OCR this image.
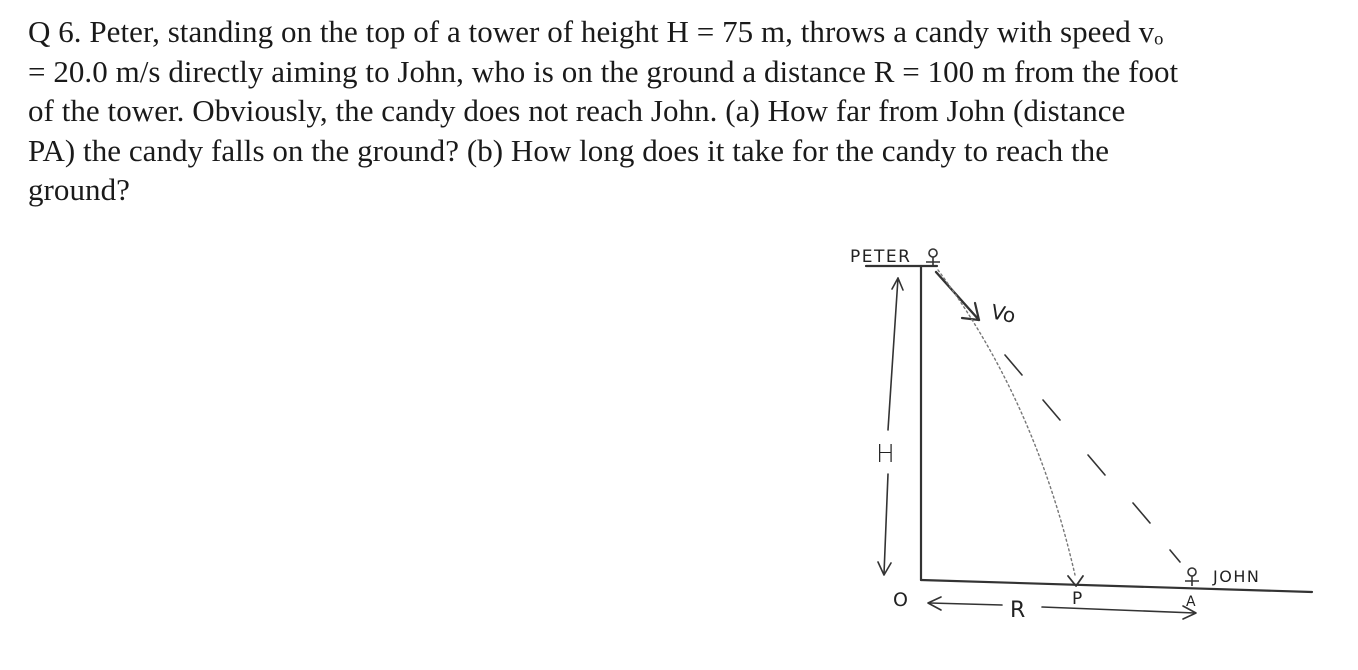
Q 6. Peter, standing on the top of a tower of height H = 75 m, throws a candy with speed vₒ

= 20.0 m/s directly aiming to John, who is on the ground a distance R = 100 m from the foot

of the tower. Obviously, the candy does not reach John. (a) How far from John (distance

PA) the candy falls on the ground? (b) How long does it take for the candy to reach the

ground?

PETER
Vo
H
O	R	P
JOHN
A
